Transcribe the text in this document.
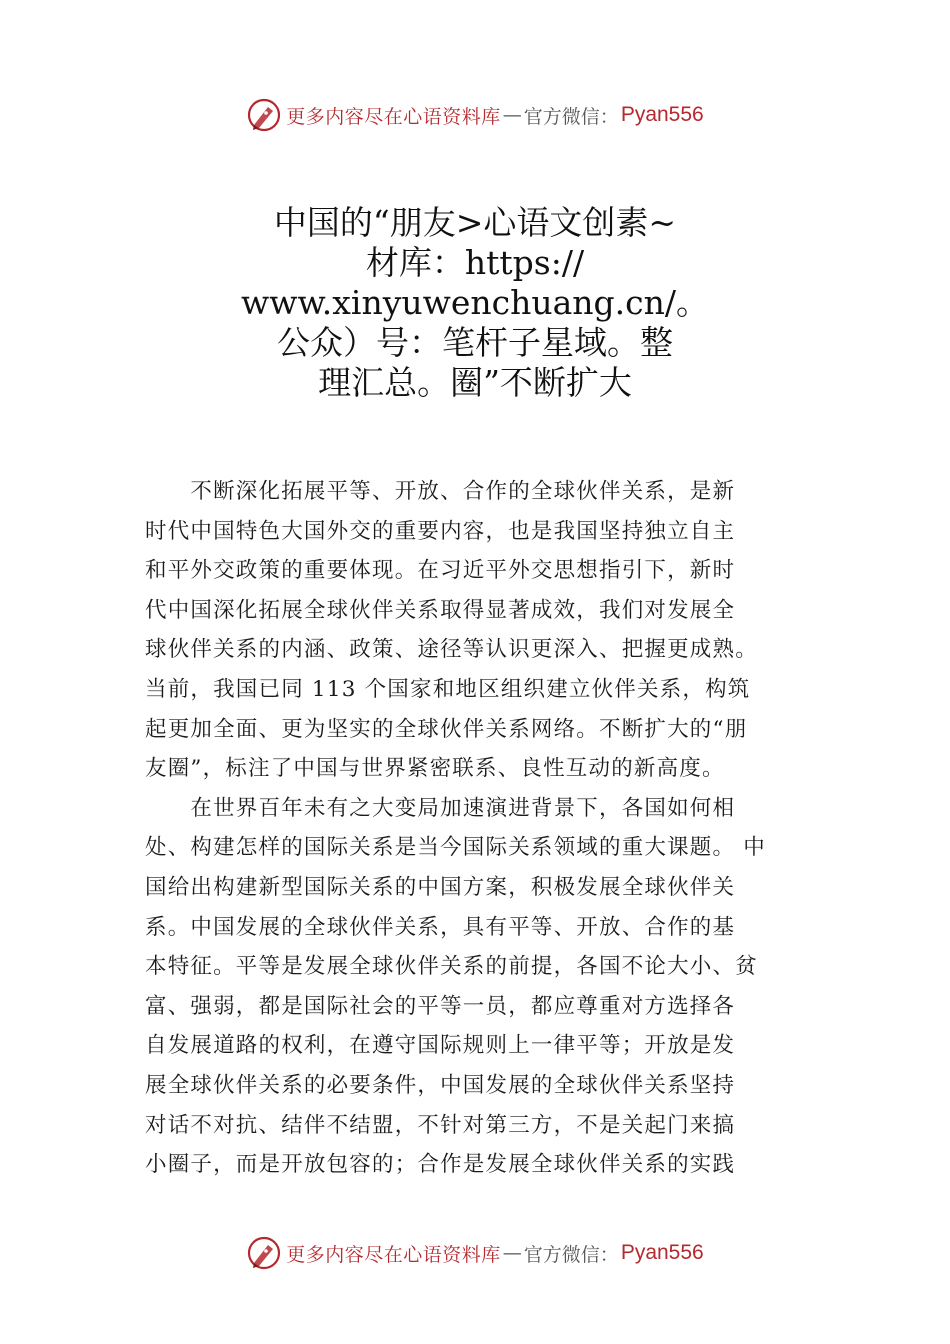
更多内容尽在心语资料库 — 官方微信： Pyan556
中国的“朋友>心语文创素~
材库：https://
www.xinyuwenchuang.cn/。
公众）号：笔杆子星域。整
理汇总。圈”不断扩大
　　不断深化拓展平等、开放、合作的全球伙伴关系，是新
时代中国特色大国外交的重要内容，也是我国坚持独立自主
和平外交政策的重要体现。在习近平外交思想指引下，新时
代中国深化拓展全球伙伴关系取得显著成效，我们对发展全
球伙伴关系的内涵、政策、途径等认识更深入、把握更成熟。
当前，我国已同 113 个国家和地区组织建立伙伴关系，构筑
起更加全面、更为坚实的全球伙伴关系网络。不断扩大的“朋
友圈”，标注了中国与世界紧密联系、良性互动的新高度。
　　在世界百年未有之大变局加速演进背景下，各国如何相
处、构建怎样的国际关系是当今国际关系领域的重大课题。 中
国给出构建新型国际关系的中国方案，积极发展全球伙伴关
系。中国发展的全球伙伴关系，具有平等、开放、合作的基
本特征。平等是发展全球伙伴关系的前提，各国不论大小、贫
富、强弱，都是国际社会的平等一员，都应尊重对方选择各
自发展道路的权利，在遵守国际规则上一律平等；开放是发
展全球伙伴关系的必要条件，中国发展的全球伙伴关系坚持
对话不对抗、结伴不结盟，不针对第三方，不是关起门来搞
小圈子，而是开放包容的；合作是发展全球伙伴关系的实践
更多内容尽在心语资料库 — 官方微信： Pyan556
